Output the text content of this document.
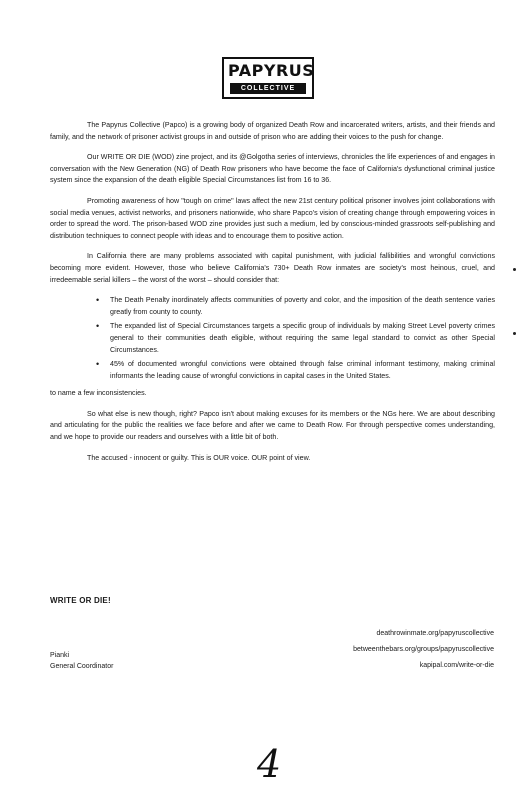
PAPYRUS
COLLECTIVE

The Papyrus Collective (Papco) is a growing body of organized Death Row and incarcerated writers, artists, and their friends and family, and the network of prisoner activist groups in and outside of prison who are adding their voices to the push for change.

Our WRITE OR DIE (WOD) zine project, and its @Golgotha series of interviews, chronicles the life experiences of and engages in conversation with the New Generation (NG) of Death Row prisoners who have become the face of California's dysfunctional criminal justice system since the expansion of the death eligible Special Circumstances list from 16 to 36.

Promoting awareness of how "tough on crime" laws affect the new 21st century political prisoner involves joint collaborations with social media venues, activist networks, and prisoners nationwide, who share Papco's vision of creating change through empowering voices in order to spread the word. The prison-based WOD zine provides just such a medium, led by conscious-minded grassroots self-publishing and distribution techniques to connect people with ideas and to encourage them to positive action.

In California there are many problems associated with capital punishment, with judicial fallibilities and wrongful convictions becoming more evident. However, those who believe California's 730+ Death Row inmates are society's most heinous, cruel, and irredeemable serial killers – the worst of the worst – should consider that:

• The Death Penalty inordinately affects communities of poverty and color, and the imposition of the death sentence varies greatly from county to county.
• The expanded list of Special Circumstances targets a specific group of individuals by making Street Level poverty crimes general to their communities death eligible, without requiring the same legal standard to convict as other Special Circumstances.
• 45% of documented wrongful convictions were obtained through false criminal informant testimony, making criminal informants the leading cause of wrongful convictions in capital cases in the United States.

to name a few inconsistencies.

So what else is new though, right? Papco isn't about making excuses for its members or the NGs here. We are about describing and articulating for the public the realities we face before and after we came to Death Row. For through perspective comes understanding, and we hope to provide our readers and ourselves with a little bit of both.

The accused - innocent or guilty. This is OUR voice. OUR point of view.

WRITE OR DIE!
Pianki
General Coordinator
deathrowinmate.org/papyruscollective
betweenthebars.org/groups/papyruscollective
kapipal.com/write-or-die
4
